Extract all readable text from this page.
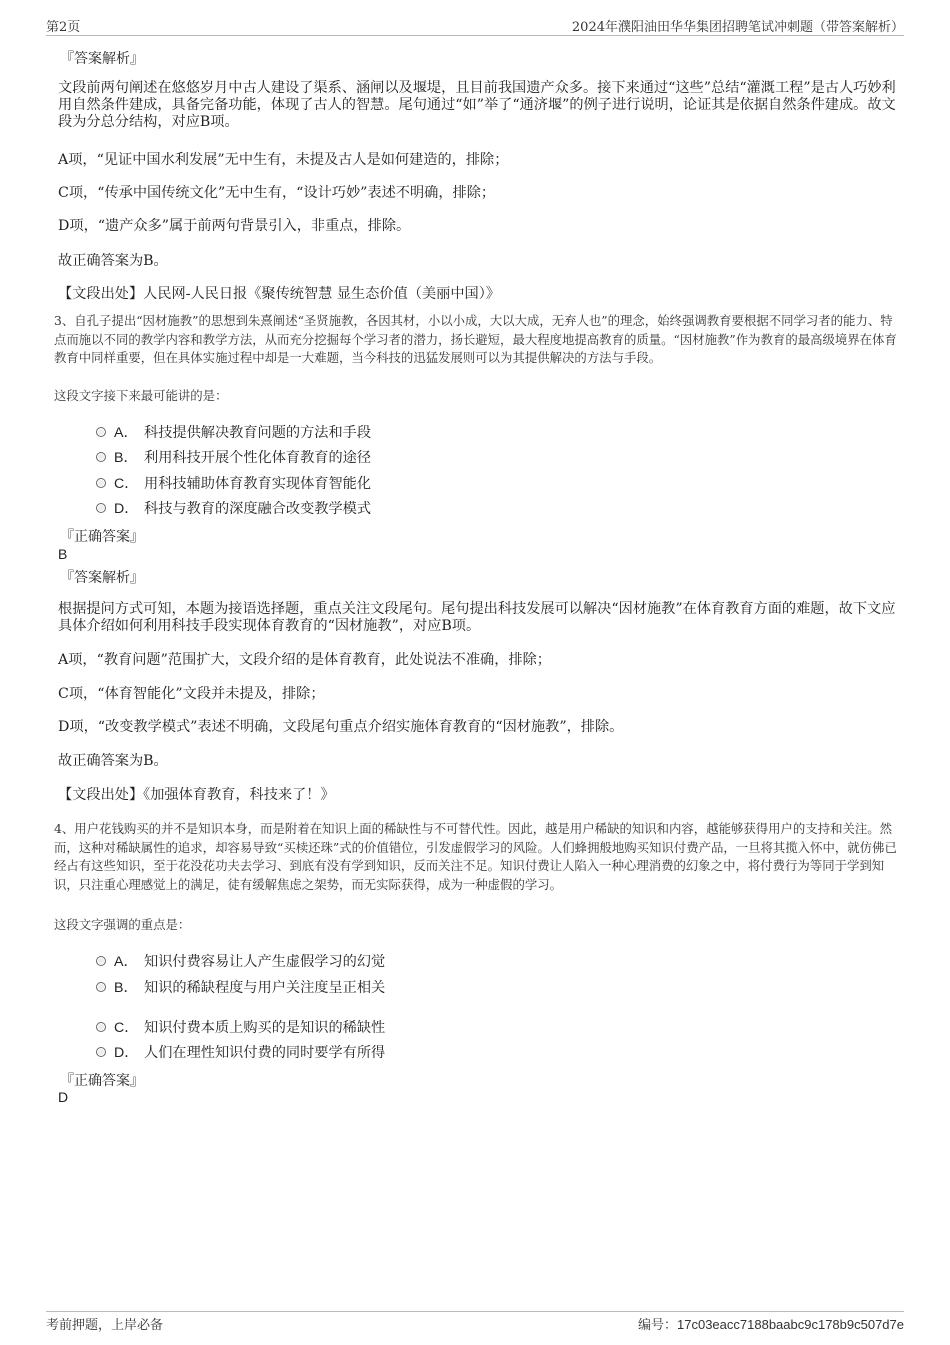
第2页	2024年濮阳油田华华集团招聘笔试冲刺题（带答案解析）

『答案解析』

文段前两句阐述在悠悠岁月中古人建设了渠系、涵闸以及堰堤，且目前我国遗产众多。接下来通过“这些”总结“灌溉工程”是古人巧妙利用自然条件建成，具备完备功能，体现了古人的智慧。尾句通过“如”举了“通济堰”的例子进行说明，论证其是依据自然条件建成。故文段为分总分结构，对应B项。

A项，“见证中国水利发展”无中生有，未提及古人是如何建造的，排除；

C项，“传承中国传统文化”无中生有，“设计巧妙”表述不明确，排除；

D项，“遗产众多”属于前两句背景引入，非重点，排除。

故正确答案为B。

【文段出处】人民网-人民日报《聚传统智慧 显生态价值（美丽中国）》

3、自孔子提出“因材施教”的思想到朱熹阐述“圣贤施教，各因其材，小以小成，大以大成，无弃人也”的理念，始终强调教育要根据不同学习者的能力、特点而施以不同的教学内容和教学方法，从而充分挖掘每个学习者的潜力，扬长避短，最大程度地提高教育的质量。“因材施教”作为教育的最高级境界在体育教育中同样重要，但在具体实施过程中却是一大难题，当今科技的迅猛发展则可以为其提供解决的方法与手段。

这段文字接下来最可能讲的是：

A． 科技提供解决教育问题的方法和手段
B． 利用科技开展个性化体育教育的途径
C． 用科技辅助体育教育实现体育智能化
D． 科技与教育的深度融合改变教学模式

『正确答案』

B

『答案解析』

根据提问方式可知，本题为接语选择题，重点关注文段尾句。尾句提出科技发展可以解决“因材施教”在体育教育方面的难题，故下文应具体介绍如何利用科技手段实现体育教育的“因材施教”，对应B项。

A项，“教育问题”范围扩大，文段介绍的是体育教育，此处说法不准确，排除；

C项，“体育智能化”文段并未提及，排除；

D项，“改变教学模式”表述不明确，文段尾句重点介绍实施体育教育的“因材施教”，排除。

故正确答案为B。

【文段出处】《加强体育教育，科技来了！》

4、用户花钱购买的并不是知识本身，而是附着在知识上面的稀缺性与不可替代性。因此，越是用户稀缺的知识和内容，越能够获得用户的支持和关注。然而，这种对稀缺属性的追求，却容易导致“买椟还珠”式的价值错位，引发虚假学习的风险。人们蜂拥般地购买知识付费产品，一旦将其揽入怀中，就仿佛已经占有这些知识，至于花没花功夫去学习、到底有没有学到知识，反而关注不足。知识付费让人陷入一种心理消费的幻象之中，将付费行为等同于学到知识，只注重心理感觉上的满足，徒有缓解焦虑之架势，而无实际获得，成为一种虚假的学习。

这段文字强调的重点是：

A． 知识付费容易让人产生虚假学习的幻觉
B． 知识的稀缺程度与用户关注度呈正相关
C． 知识付费本质上购买的是知识的稀缺性
D． 人们在理性知识付费的同时要学有所得

『正确答案』

D

考前押题，上岸必备	编号：17c03eacc7188baabc9c178b9c507d7e
